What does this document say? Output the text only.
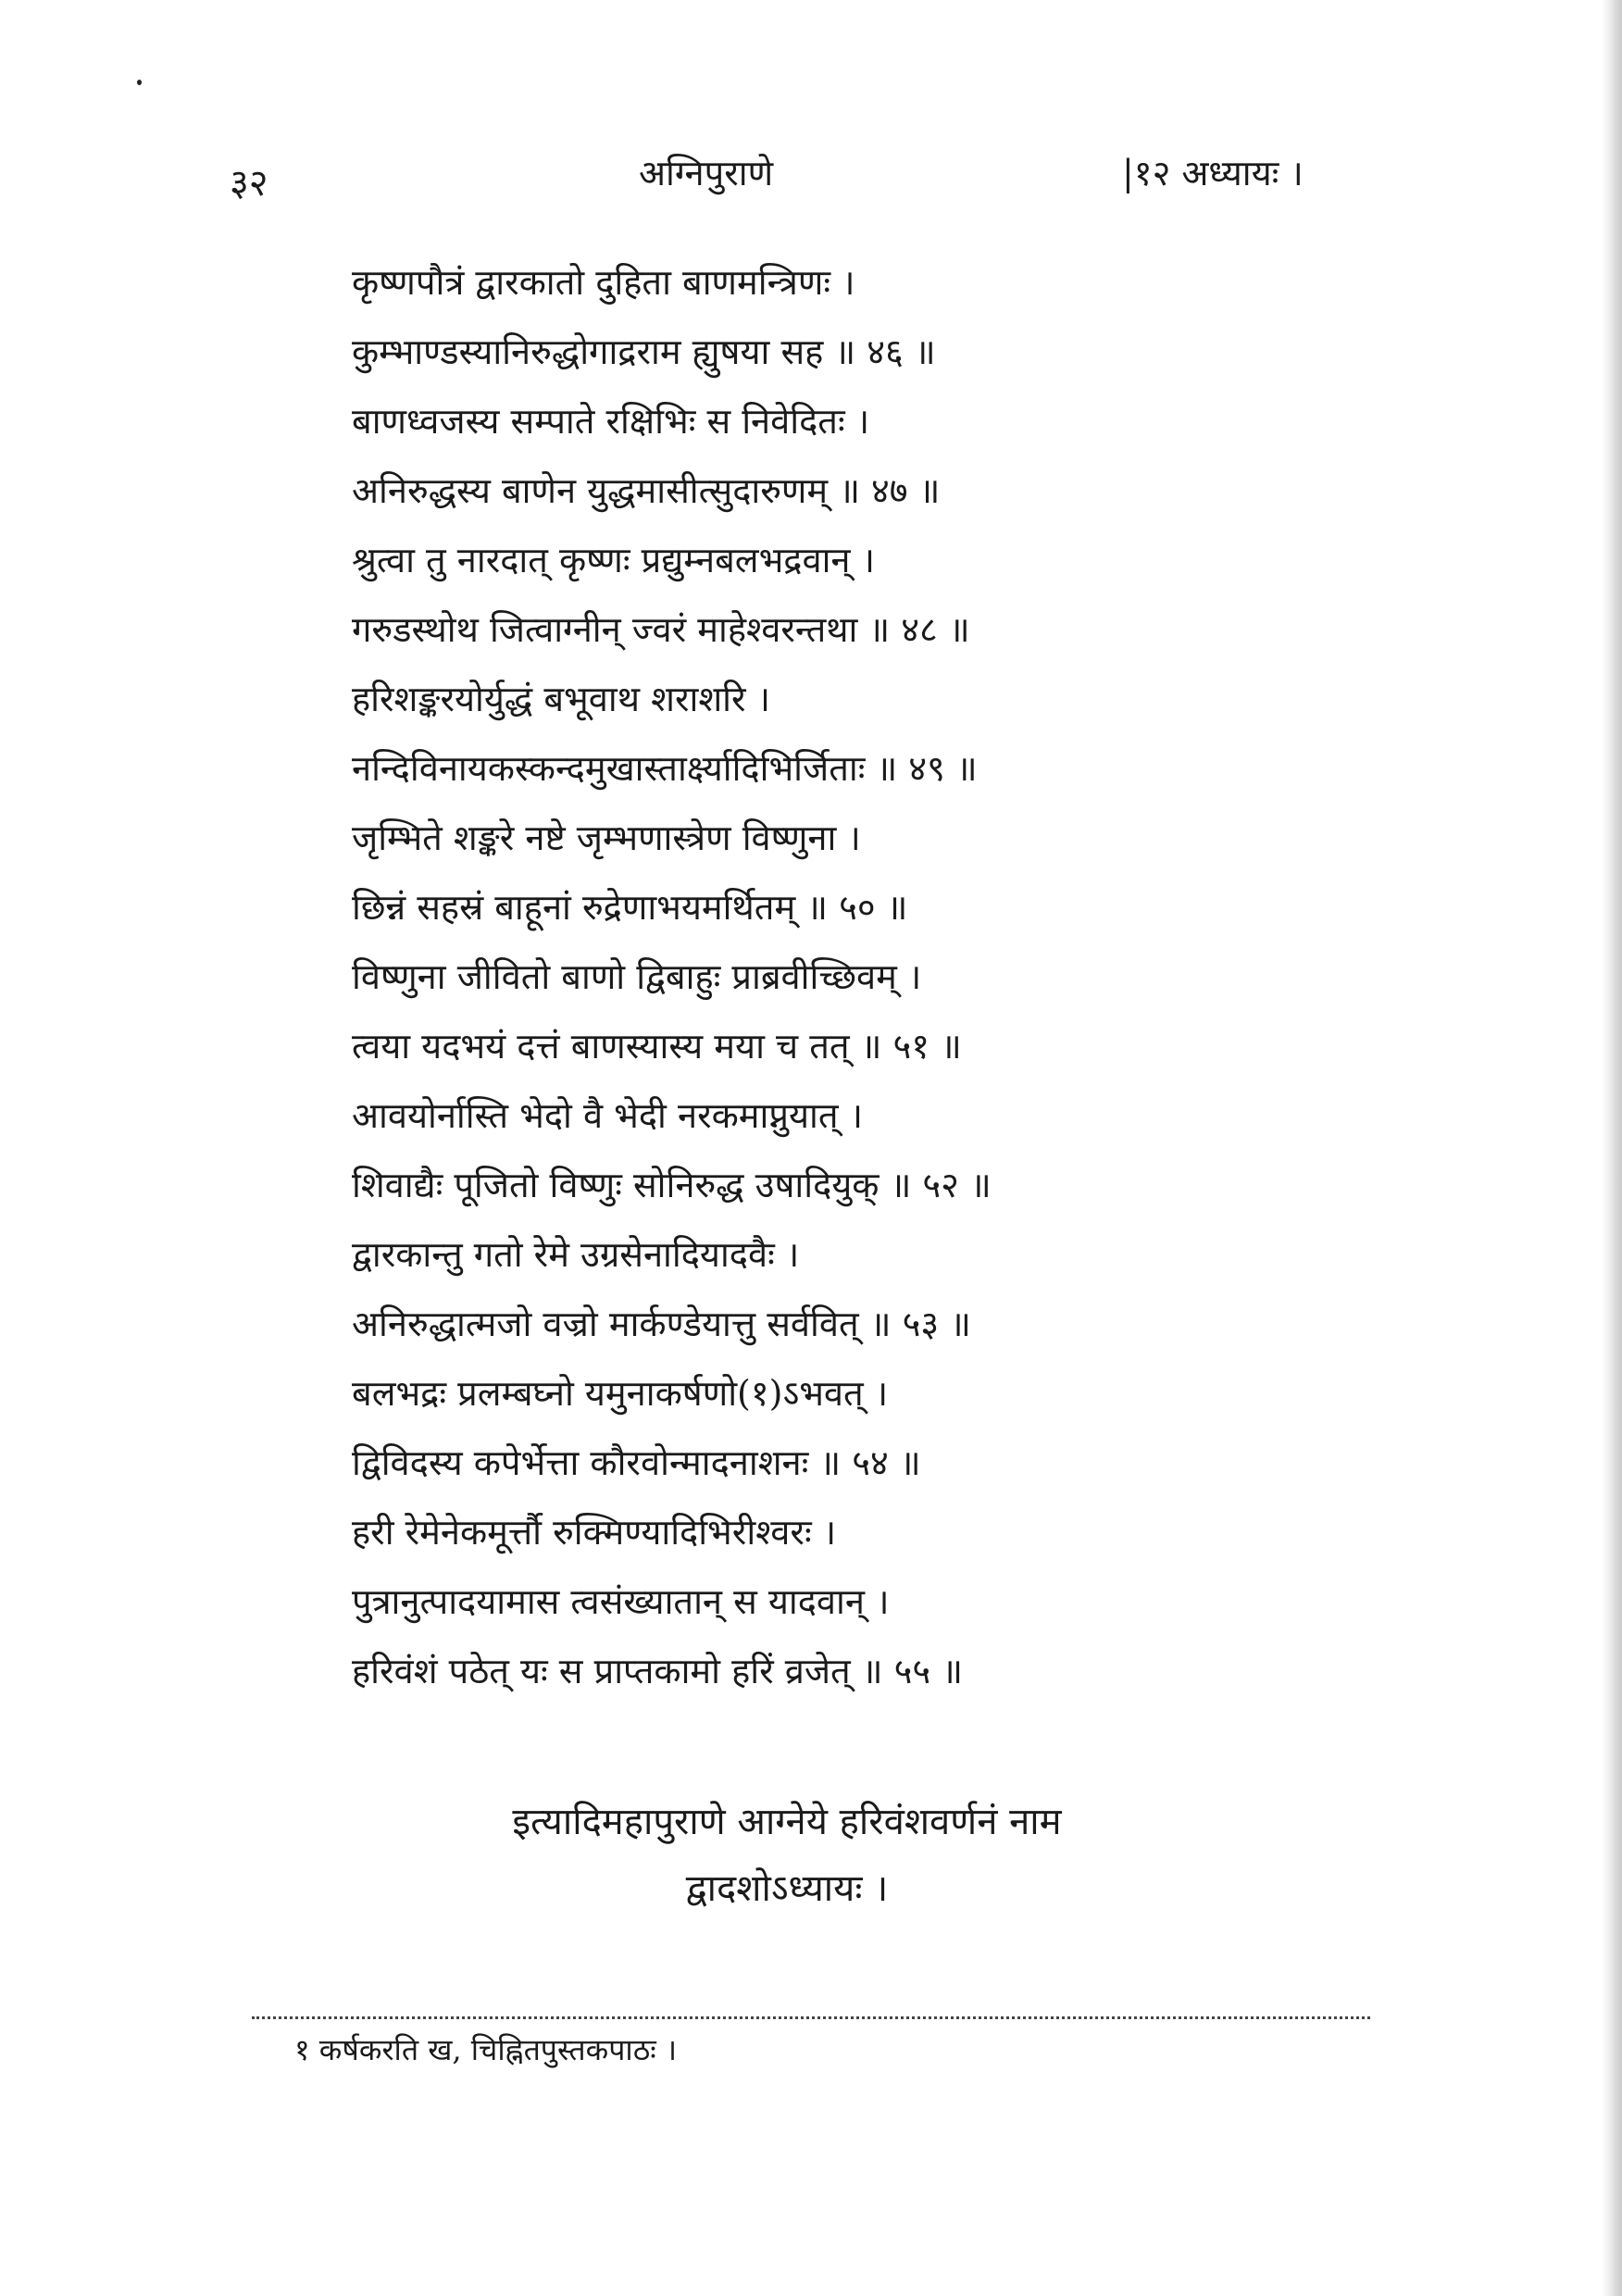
३२	अग्निपुराणे	|१२ अध्यायः ।
कृष्णपौत्रं द्वारकातो दुहिता बाणमन्त्रिणः ।
कुम्भाण्डस्यानिरुद्धोगाद्रराम ह्युषया सह ॥ ४६ ॥
बाणध्वजस्य सम्पाते रक्षिभिः स निवेदितः ।
अनिरुद्धस्य बाणेन युद्धमासीत्सुदारुणम् ॥ ४७ ॥
श्रुत्वा तु नारदात् कृष्णः प्रद्युम्नबलभद्रवान् ।
गरुडस्थोथ जित्वाग्नीन् ज्वरं माहेश्वरन्तथा ॥ ४८ ॥
हरिशङ्करयोर्युद्धं बभूवाथ शराशरि ।
नन्दिविनायकस्कन्दमुखास्तार्क्ष्यादिभिर्जिताः ॥ ४९ ॥
जृम्भिते शङ्करे नष्टे जृम्भणास्त्रेण विष्णुना ।
छिन्नं सहस्रं बाहूनां रुद्रेणाभयमर्थितम् ॥ ५० ॥
विष्णुना जीवितो बाणो द्विबाहुः प्राब्रवीच्छिवम् ।
त्वया यदभयं दत्तं बाणस्यास्य मया च तत् ॥ ५१ ॥
आवयोर्नास्ति भेदो वै भेदी नरकमाप्नुयात् ।
शिवाद्यैः पूजितो विष्णुः सोनिरुद्ध उषादियुक् ॥ ५२ ॥
द्वारकान्तु गतो रेमे उग्रसेनादियादवैः ।
अनिरुद्धात्मजो वज्रो मार्कण्डेयात्तु सर्ववित् ॥ ५३ ॥
बलभद्रः प्रलम्बघ्नो यमुनाकर्षणो(१)ऽभवत् ।
द्विविदस्य कपेर्भेत्ता कौरवोन्मादनाशनः ॥ ५४ ॥
हरी रेमेनेकमूर्त्तौ रुक्मिण्यादिभिरीश्वरः ।
पुत्रानुत्पादयामास त्वसंख्यातान् स यादवान् ।
हरिवंशं पठेत् यः स प्राप्तकामो हरिं व्रजेत् ॥ ५५ ॥
इत्यादिमहापुराणे आग्नेये हरिवंशवर्णनं नाम
द्वादशोऽध्यायः ।
१ कर्षकरति ख, चिह्नितपुस्तकपाठः ।
